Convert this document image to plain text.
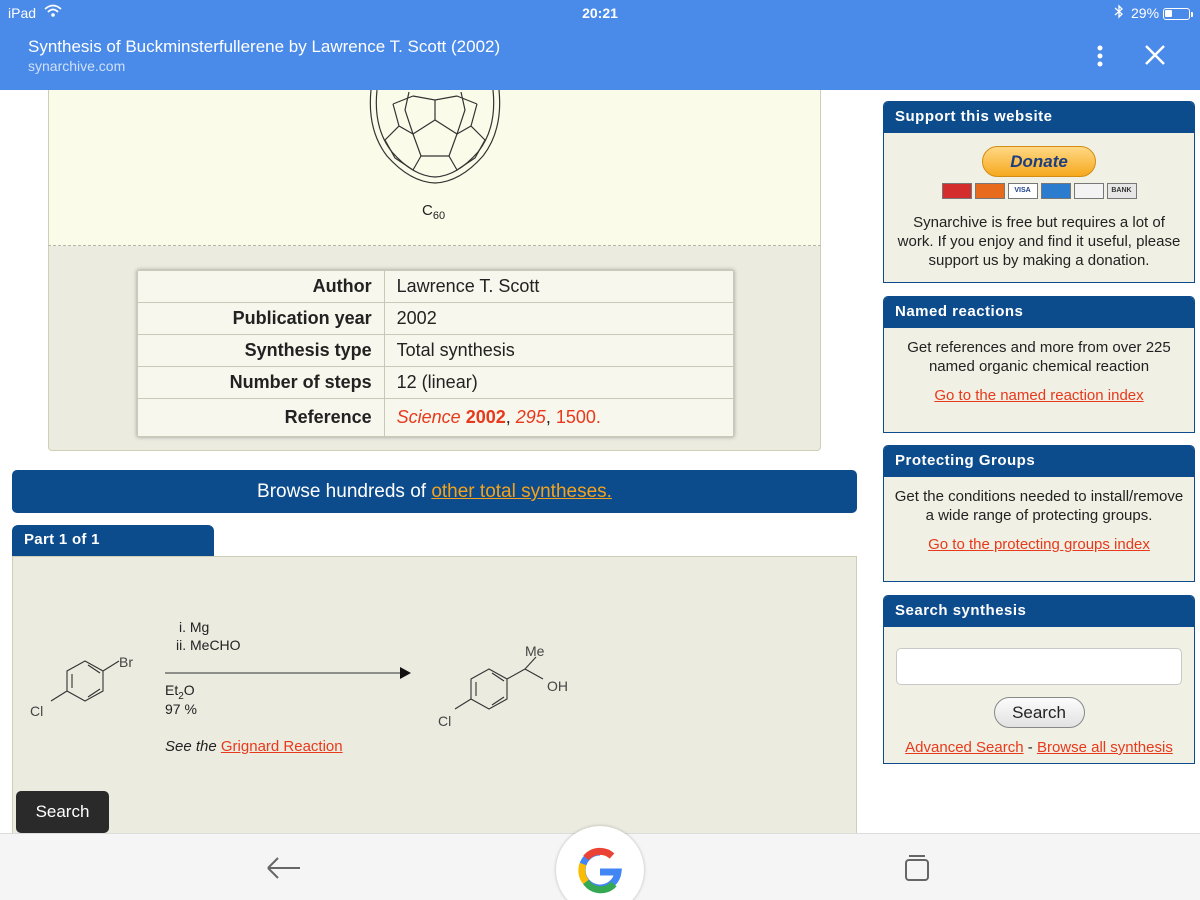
iPad	20:21	29%
Synthesis of Buckminsterfullerene by Lawrence T. Scott (2002)
synarchive.com
$C_{60}$
Author	Lawrence T. Scott
Publication year	2002
Synthesis type	Total synthesis
Number of steps	12 (linear)
Reference	Science 2002, 295, 1500.
Browse hundreds of other total syntheses.
Part 1 of 1
Br
Cl
Cl
Me
OH
i. Mg
ii. MeCHO
$Et_2O$
97 %
See the Grignard Reaction
Search
Support this website
Donate
VISA	BANK
Synarchive is free but requires a lot of work. If you enjoy and find it useful, please support us by making a donation.
Named reactions
Get references and more from over 225 named organic chemical reaction
Go to the named reaction index
Protecting Groups
Get the conditions needed to install/remove a wide range of protecting groups.
Go to the protecting groups index
Search synthesis
Search
Advanced Search - Browse all synthesis
